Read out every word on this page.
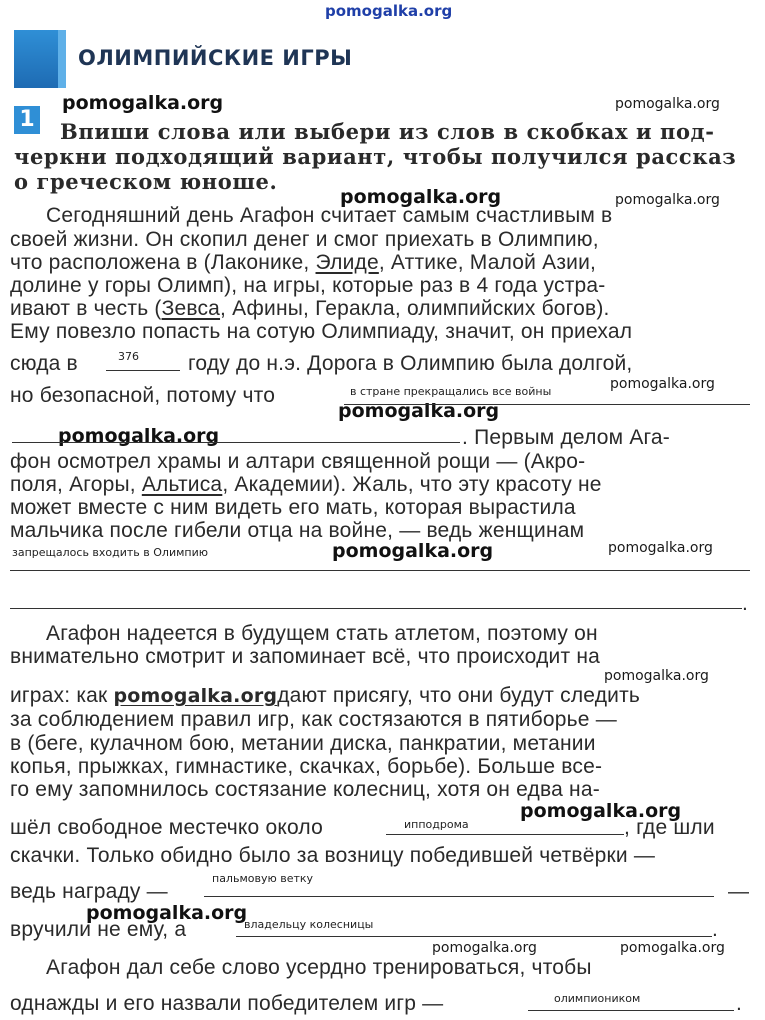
pomogalka.org
pomogalka.org	pomogalka.org
pomogalka.org	pomogalka.org
pomogalka.org
pomogalka.org
pomogalka.org
pomogalka.org	pomogalka.org
pomogalka.org
pomogalka.org
pomogalka.org
pomogalka.org	pomogalka.org
ОЛИМПИЙСКИЕ ИГРЫ
1 Впиши слова или выбери из слов в скобках и под-
черкни подходящий вариант, чтобы получился рассказ
о греческом юноше.
Сегодняшний день Агафон считает самым счастливым в
своей жизни. Он скопил денег и смог приехать в Олимпию,
что расположена в (Лаконике, Элиде, Аттике, Малой Азии,
долине у горы Олимп), на игры, которые раз в 4 года устра-
ивают в честь (Зевса, Афины, Геракла, олимпийских богов).
Ему повезло попасть на сотую Олимпиаду, значит, он приехал
сюда в	376 году до н.э. Дорога в Олимпию была долгой,
но безопасной, потому что	в стране прекращались все войны
. Первым делом Ага-
фон осмотрел храмы и алтари священной рощи — (Акро-
поля, Агоры, Альтиса, Академии). Жаль, что эту красоту не
может вместе с ним видеть его мать, которая вырастила
мальчика после гибели отца на войне, — ведь женщинам
запрещалось входить в Олимпию
.
Агафон надеется в будущем стать атлетом, поэтому он
внимательно смотрит и запоминает всё, что происходит на
играх: как pomogalka.orgдают присягу, что они будут следить
за соблюдением правил игр, как состязаются в пятиборье —
в (беге, кулачном бою, метании диска, панкратии, метании
копья, прыжках, гимнастике, скачках, борьбе). Больше все-
го ему запомнилось состязание колесниц, хотя он едва на-
шёл свободное местечко около	ипподрома	, где шли
скачки. Только обидно было за возницу победившей четвёрки —
ведь награду —
пальмовую ветку
—
вручили не ему, а	владельцу колесницы	.
Агафон дал себе слово усердно тренироваться, чтобы
однажды и его назвали победителем игр —	олимпиоником	.
